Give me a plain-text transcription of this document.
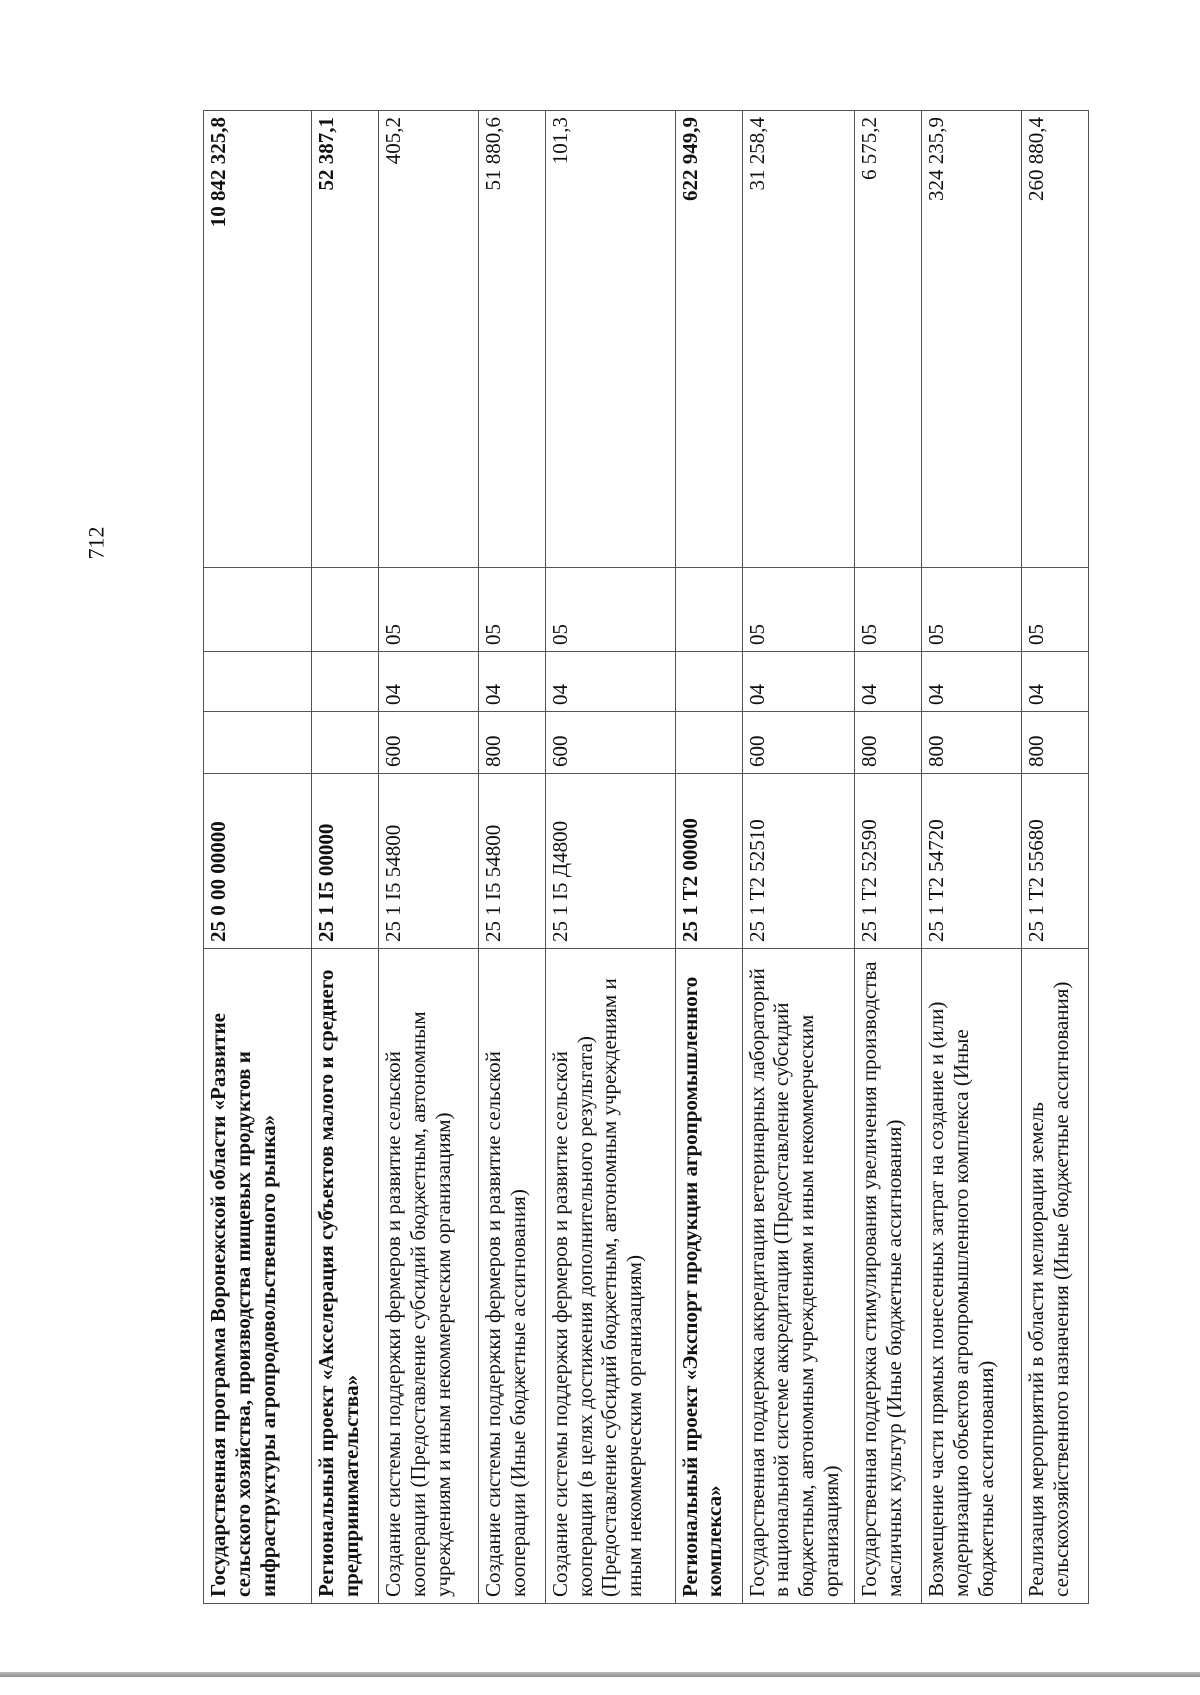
712
Государственная программа Воронежской области «Развитие сельского хозяйства, производства пищевых продуктов и инфраструктуры агропродовольственного рынка»	25 0 00 00000				10 842 325,8
Региональный проект «Акселерация субъектов малого и среднего предпринимательства»	25 1 I5 00000				52 387,1
Создание системы поддержки фермеров и развитие сельской кооперации (Предоставление субсидий бюджетным, автономным учреждениям и иным некоммерческим организациям)	25 1 I5 54800	600	04	05	405,2
Создание системы поддержки фермеров и развитие сельской кооперации (Иные бюджетные ассигнования)	25 1 I5 54800	800	04	05	51 880,6
Создание системы поддержки фермеров и развитие сельской кооперации (в целях достижения дополнительного результата) (Предоставление субсидий бюджетным, автономным учреждениям и иным некоммерческим организациям)	25 1 I5 Д4800	600	04	05	101,3
Региональный проект «Экспорт продукции агропромышленного комплекса»	25 1 T2 00000				622 949,9
Государственная поддержка аккредитации ветеринарных лабораторий в национальной системе аккредитации (Предоставление субсидий бюджетным, автономным учреждениям и иным некоммерческим организациям)	25 1 T2 52510	600	04	05	31 258,4
Государственная поддержка стимулирования увеличения производства масличных культур (Иные бюджетные ассигнования)	25 1 T2 52590	800	04	05	6 575,2
Возмещение части прямых понесенных затрат на создание и (или) модернизацию объектов агропромышленного комплекса (Иные бюджетные ассигнования)	25 1 T2 54720	800	04	05	324 235,9
Реализация мероприятий в области мелиорации земель сельскохозяйственного назначения (Иные бюджетные ассигнования)	25 1 T2 55680	800	04	05	260 880,4
